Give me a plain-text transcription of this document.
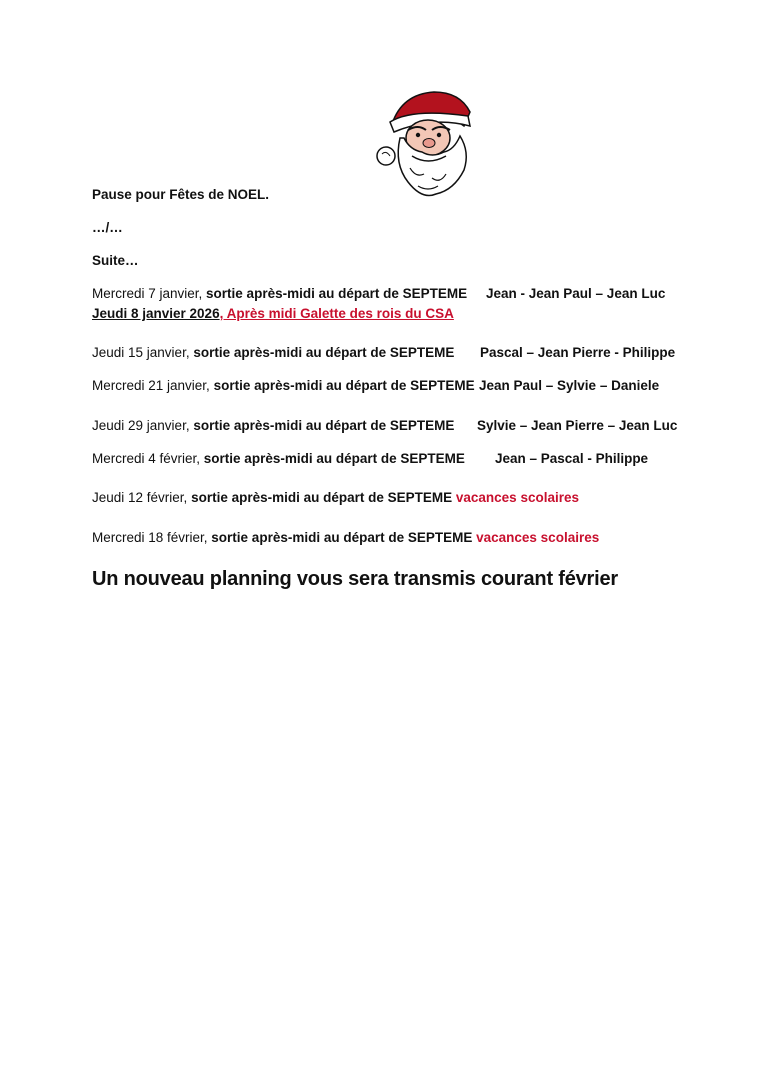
Pause pour Fêtes de NOEL.
…/…
Suite…
Mercredi 7 janvier, sortie après-midi au départ de SEPTEME Jean - Jean Paul – Jean Luc
Jeudi 8 janvier 2026, Après midi Galette des rois du CSA
Jeudi 15 janvier, sortie après-midi au départ de SEPTEME Pascal – Jean Pierre - Philippe
Mercredi 21 janvier, sortie après-midi au départ de SEPTEME Jean Paul – Sylvie – Daniele
Jeudi 29 janvier, sortie après-midi au départ de SEPTEME Sylvie – Jean Pierre – Jean Luc
Mercredi 4 février, sortie après-midi au départ de SEPTEME Jean – Pascal - Philippe
Jeudi 12 février, sortie après-midi au départ de SEPTEME vacances scolaires
Mercredi 18 février, sortie après-midi au départ de SEPTEME vacances scolaires
Un nouveau planning vous sera transmis courant février
